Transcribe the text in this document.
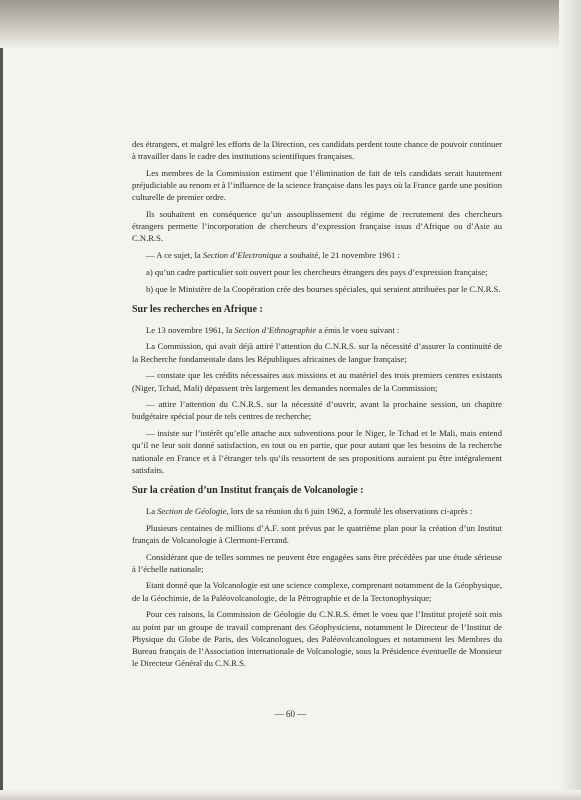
des étrangers, et malgré les efforts de la Direction, ces candidats perdent toute chance de pouvoir continuer à travailler dans le cadre des institutions scientifiques françaises.

Les membres de la Commission estiment que l’élimination de fait de tels candidats serait hautement préjudiciable au renom et à l’influence de la science française dans les pays où la France garde une position culturelle de premier ordre.

Ils souhaitent en conséquence qu’un assouplissement du régime de recrutement des chercheurs étrangers permette l’incorporation de chercheurs d’expression française issus d’Afrique ou d’Asie au C.N.R.S.

— A ce sujet, la Section d’Electronique a souhaité, le 21 novembre 1961 :

a) qu’un cadre particulier soit ouvert pour les chercheurs étrangers des pays d’expression française;

b) que le Ministère de la Coopération crée des bourses spéciales, qui seraient attribuées par le C.N.R.S.

Sur les recherches en Afrique :

Le 13 novembre 1961, la Section d’Ethnographie a émis le voeu suivant :

La Commission, qui avait déjà attiré l’attention du C.N.R.S. sur la nécessité d’assurer la continuité de la Recherche fondamentale dans les Républiques africaines de langue française;

— constate que les crédits nécessaires aux missions et au matériel des trois premiers centres existants (Niger, Tchad, Mali) dépassent très largement les demandes normales de la Commission;

— attire l’attention du C.N.R.S. sur la nécessité d’ouvrir, avant la prochaine session, un chapitre budgétaire spécial pour de tels centres de recherche;

— insiste sur l’intérêt qu’elle attache aux subventions pour le Niger, le Tchad et le Mali, mais entend qu’il ne leur soit donné satisfaction, en tout ou en partie, que pour autant que les besoins de la recherche nationale en France et à l’étranger tels qu’ils ressortent de ses propositions auraient pu être intégralement satisfaits.

Sur la création d’un Institut français de Volcanologie :

La Section de Géologie, lors de sa réunion du 6 juin 1962, a formulé les observations ci-après :

Plusieurs centaines de millions d’A.F. sont prévus par le quatrième plan pour la création d’un Institut français de Volcanologie à Clermont-Ferrand.

Considérant que de telles sommes ne peuvent être engagées sans être précédées par une étude sérieuse à l’échelle nationale;

Etant donné que la Volcanologie est une science complexe, comprenant notamment de la Géophysique, de la Géochimie, de la Paléovolcanologie, de la Pétrographie et de la Tectonophysique;

Pour ces raisons, la Commission de Géologie du C.N.R.S. émet le voeu que l’Institut projeté soit mis au point par un groupe de travail comprenant des Géophysiciens, notamment le Directeur de l’Institut de Physique du Globe de Paris, des Volcanologues, des Paléovolcanologues et notamment les Membres du Bureau français de l’Association internationale de Volcanologie, sous la Présidence éventuelle de Monsieur le Directeur Général du C.N.R.S.

— 60 —
